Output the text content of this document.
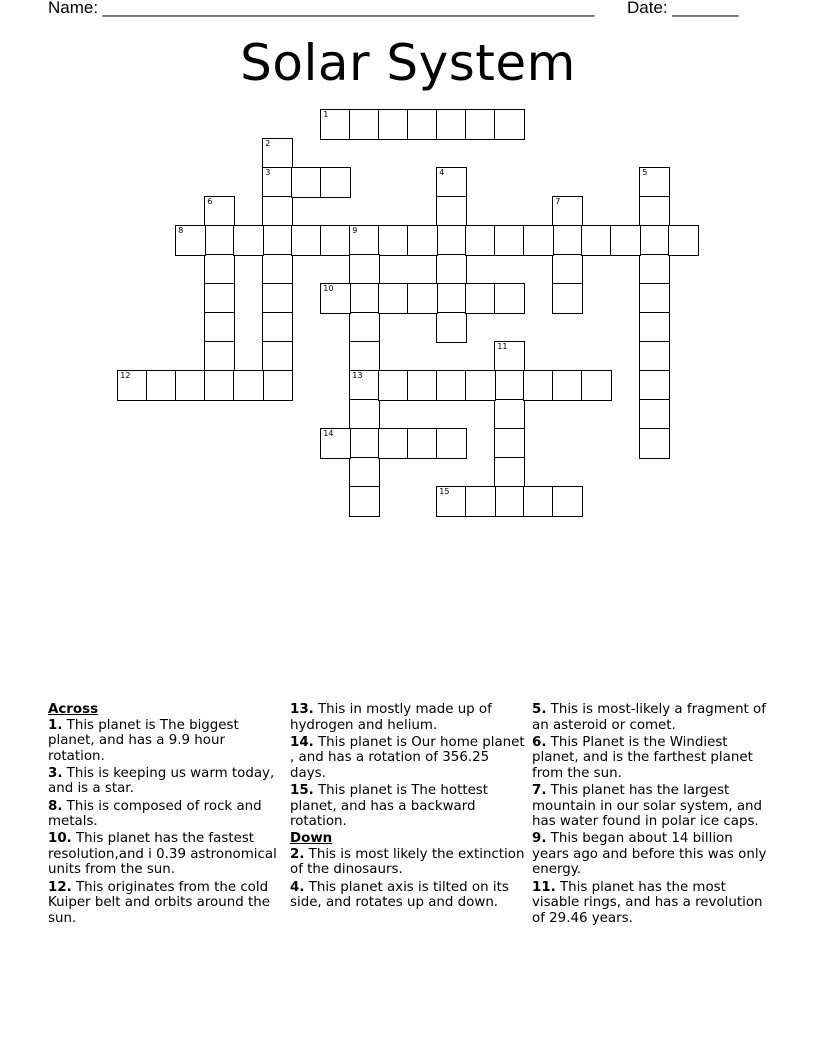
Name: ____________________________________________________ Date: _______
Solar System
1
2
3	4	5
6	7
8	9
13
10
11
12
14
15
Across
1. This planet is The biggest planet, and has a 9.9 hour rotation.
3. This is keeping us warm today, and is a star.
8. This is composed of rock and metals.
10. This planet has the fastest resolution,and i 0.39 astronomical units from the sun.
12. This originates from the cold Kuiper belt and orbits around the sun.
13. This in mostly made up of hydrogen and helium.
14. This planet is Our home planet , and has a rotation of 356.25 days.
15. This planet is The hottest planet, and has a backward rotation.
Down
2. This is most likely the extinction of the dinosaurs.
4. This planet axis is tilted on its side, and rotates up and down.
5. This is most-likely a fragment of an asteroid or comet.
6. This Planet is the Windiest planet, and is the farthest planet from the sun.
7. This planet has the largest mountain in our solar system, and has water found in polar ice caps.
9. This began about 14 billion years ago and before this was only energy.
11. This planet has the most visable rings, and has a revolution of 29.46 years.
